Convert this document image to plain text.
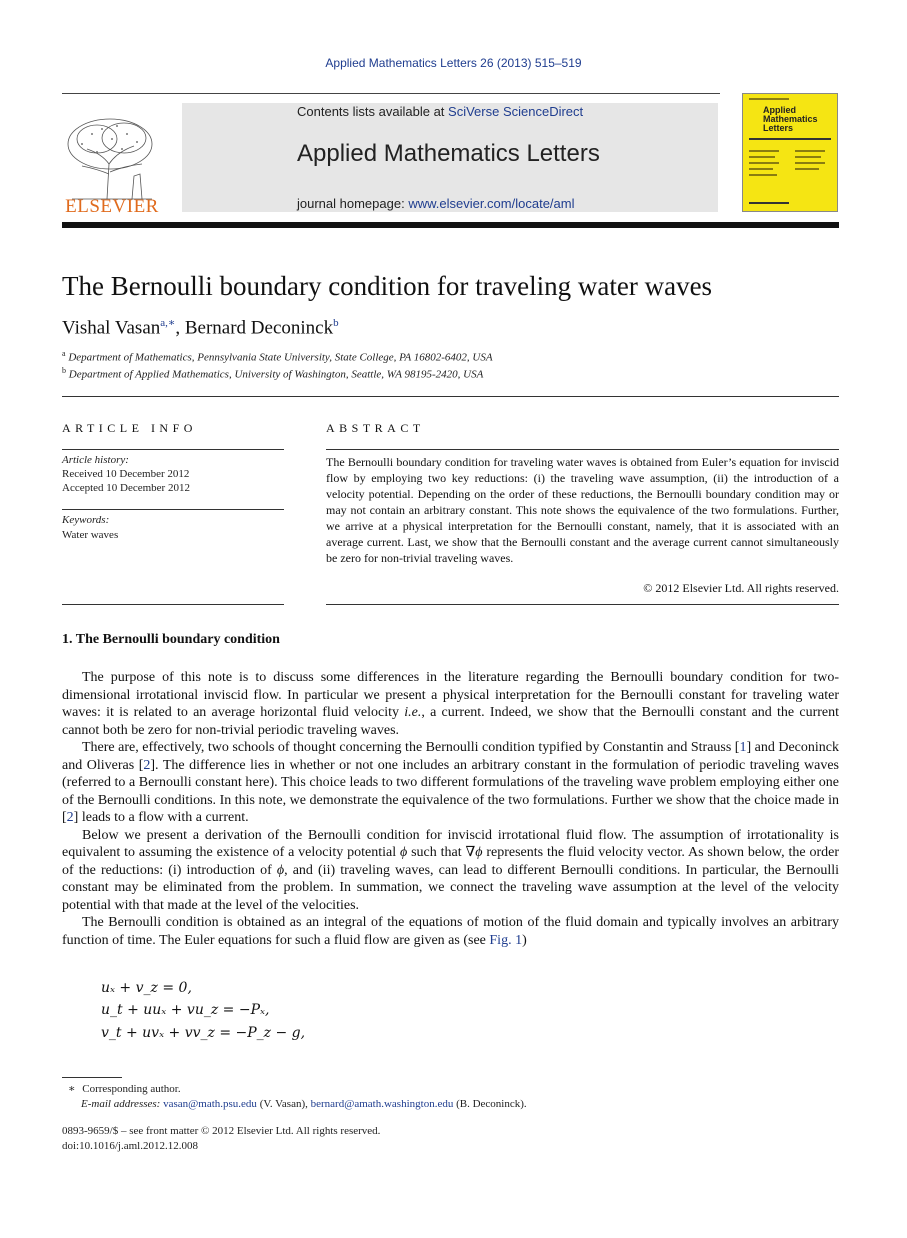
Applied Mathematics Letters 26 (2013) 515–519
ELSEVIER
Contents lists available at SciVerse ScienceDirect
Applied Mathematics Letters
journal homepage: www.elsevier.com/locate/aml
Applied
Mathematics
Letters
The Bernoulli boundary condition for traveling water waves
Vishal Vasan$^{a,∗}$, Bernard Deconinck$^b$
$^a$ Department of Mathematics, Pennsylvania State University, State College, PA 16802-6402, USA
$^b$ Department of Applied Mathematics, University of Washington, Seattle, WA 98195-2420, USA
ARTICLE INFO
Article history:
Received 10 December 2012
Accepted 10 December 2012
Keywords:
Water waves
ABSTRACT
The Bernoulli boundary condition for traveling water waves is obtained from Euler’s equation for inviscid flow by employing two key reductions: (i) the traveling wave assumption, (ii) the introduction of a velocity potential. Depending on the order of these reductions, the Bernoulli boundary condition may or may not contain an arbitrary constant. This note shows the equivalence of the two formulations. Further, we arrive at a physical interpretation for the Bernoulli constant, namely, that it is associated with an average current. Last, we show that the Bernoulli constant and the average current cannot simultaneously be zero for non-trivial traveling waves.
© 2012 Elsevier Ltd. All rights reserved.
1. The Bernoulli boundary condition

The purpose of this note is to discuss some differences in the literature regarding the Bernoulli boundary condition for two-dimensional irrotational inviscid flow. In particular we present a physical interpretation for the Bernoulli constant for traveling water waves: it is related to an average horizontal fluid velocity i.e., a current. Indeed, we show that the Bernoulli constant and the current cannot both be zero for non-trivial periodic traveling waves.

There are, effectively, two schools of thought concerning the Bernoulli condition typified by Constantin and Strauss [1] and Deconinck and Oliveras [2]. The difference lies in whether or not one includes an arbitrary constant in the formulation of periodic traveling waves (referred to a Bernoulli constant here). This choice leads to two different formulations of the traveling wave problem employing either one of the Bernoulli conditions. In this note, we demonstrate the equivalence of the two formulations. Further we show that the choice made in [2] leads to a flow with a current.

Below we present a derivation of the Bernoulli condition for inviscid irrotational fluid flow. The assumption of irrotationality is equivalent to assuming the existence of a velocity potential ϕ such that ∇ϕ represents the fluid velocity vector. As shown below, the order of the reductions: (i) introduction of ϕ, and (ii) traveling waves, can lead to different Bernoulli conditions. In particular, the Bernoulli constant may be eliminated from the problem. In summation, we connect the traveling wave assumption at the level of the velocity potential with that made at the level of the velocities.

The Bernoulli condition is obtained as an integral of the equations of motion of the fluid domain and typically involves an arbitrary function of time. The Euler equations for such a fluid flow are given as (see Fig. 1)

uₓ + v_z = 0,
u_t + uuₓ + vu_z = −Pₓ,
v_t + uvₓ + vv_z = −P_z − g,
∗ Corresponding author.
E-mail addresses: vasan@math.psu.edu (V. Vasan), bernard@amath.washington.edu (B. Deconinck).
0893-9659/$ – see front matter © 2012 Elsevier Ltd. All rights reserved.
doi:10.1016/j.aml.2012.12.008
